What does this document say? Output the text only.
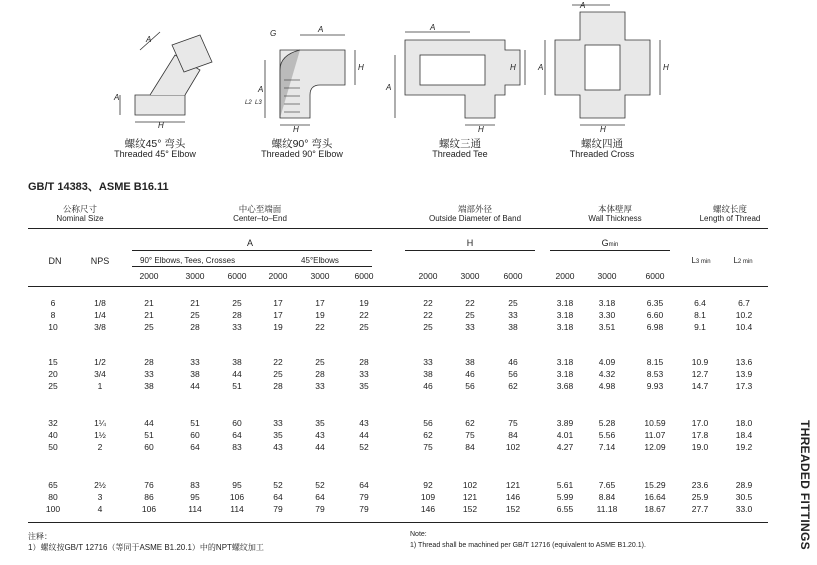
A
H
A
A
H
H
A
G
L2 L3
A
H
A
H
A
H
A	H
螺纹45° 弯头
Threaded 45° Elbow
螺纹90° 弯头
Threaded 90° Elbow
螺纹三通
Threaded Tee
螺纹四通
Threaded Cross
GB/T 14383、ASME B16.11
公称尺寸
Nominal Size
中心至端面
Center–to–End
端部外径
Outside Diameter of Band
本体壁厚
Wall Thickness
螺纹长度
Length of Thread
A	H	Gmin
DN	NPS	90° Elbows, Tees, Crosses	45°Elbows	L3 min	L2 min
2000	3000	6000	2000	3000	6000	2000	3000	6000	2000	3000	6000
6	1/8	21	21	25	17	17	19	22	22	25	3.18	3.18	6.35	6.4	6.7
8	1/4	21	25	28	17	19	22	22	25	33	3.18	3.30	6.60	8.1	10.2
10	3/8	25	28	33	19	22	25	25	33	38	3.18	3.51	6.98	9.1	10.4
15	1/2	28	33	38	22	25	28	33	38	46	3.18	4.09	8.15	10.9	13.6
20	3/4	33	38	44	25	28	33	38	46	56	3.18	4.32	8.53	12.7	13.9
25	1	38	44	51	28	33	35	46	56	62	3.68	4.98	9.93	14.7	17.3
32	1¼	44	51	60	33	35	43	56	62	75	3.89	5.28	10.59	17.0	18.0
40	1½	51	60	64	35	43	44	62	75	84	4.01	5.56	11.07	17.8	18.4
50	2	60	64	83	43	44	52	75	84	102	4.27	7.14	12.09	19.0	19.2
65	2½	76	83	95	52	52	64	92	102	121	5.61	7.65	15.29	23.6	28.9
80	3	86	95	106	64	64	79	109	121	146	5.99	8.84	16.64	25.9	30.5
100	4	106	114	114	79	79	79	146	152	152	6.55	11.18	18.67	27.7	33.0	THREADED FITTINGS
注释：
1）螺纹按GB/T 12716（等同于ASME B1.20.1）中的NPT螺纹加工
Note:
1) Thread shall be machined per GB/T 12716 (equivalent to ASME B1.20.1).
